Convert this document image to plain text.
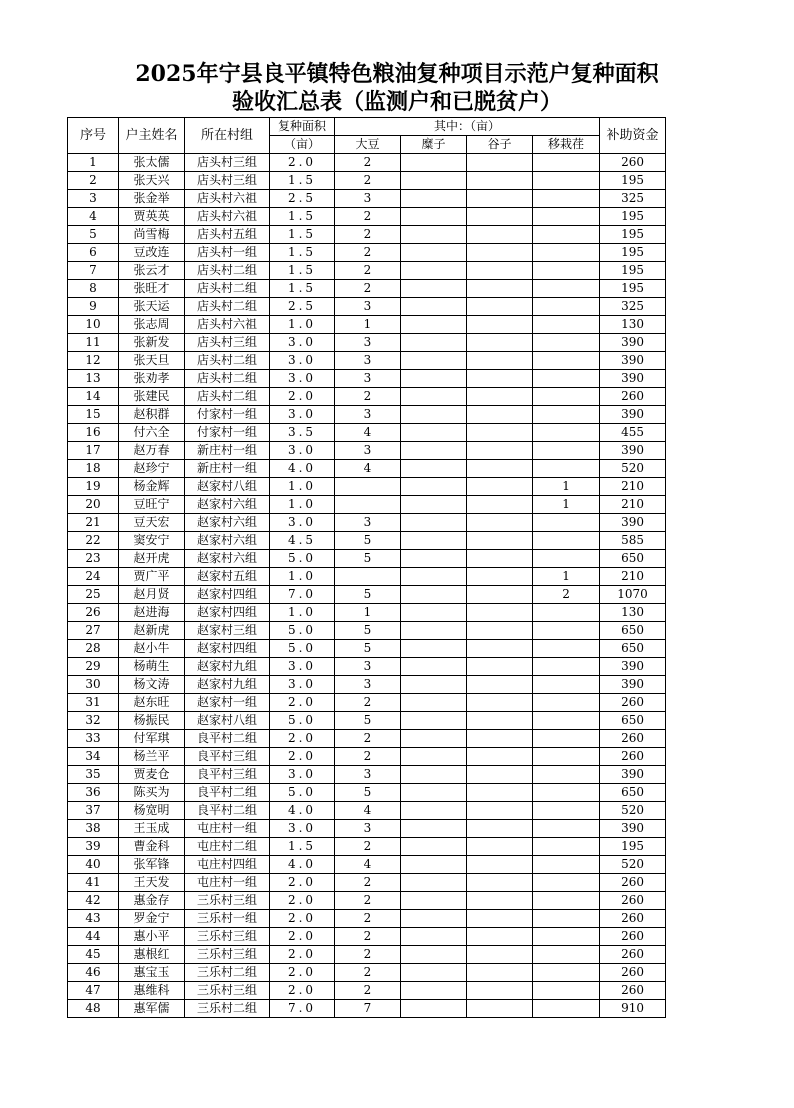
2025年宁县良平镇特色粮油复种项目示范户复种面积
验收汇总表（监测户和已脱贫户）
序号	户主姓名	所在村组	复种面积	其中：（亩）				补助资金
			（亩）	大豆	糜子	谷子	移栽荏	
1	张太儒	店头村三组	2.0	2				260
2	张天兴	店头村三组	1.5	2				195
3	张金举	店头村六祖	2.5	3				325
4	贾英英	店头村六祖	1.5	2				195
5	尚雪梅	店头村五组	1.5	2				195
6	豆改连	店头村一组	1.5	2				195
7	张云才	店头村二组	1.5	2				195
8	张旺才	店头村二组	1.5	2				195
9	张天运	店头村二组	2.5	3				325
10	张志周	店头村六祖	1.0	1				130
11	张新发	店头村三组	3.0	3				390
12	张天旦	店头村二组	3.0	3				390
13	张劝孝	店头村二组	3.0	3				390
14	张建民	店头村二组	2.0	2				260
15	赵积群	付家村一组	3.0	3				390
16	付六全	付家村一组	3.5	4				455
17	赵万春	新庄村一组	3.0	3				390
18	赵珍宁	新庄村一组	4.0	4				520
19	杨金辉	赵家村八组	1.0				1	210
20	豆旺宁	赵家村六组	1.0				1	210
21	豆天宏	赵家村六组	3.0	3				390
22	窦安宁	赵家村六组	4.5	5				585
23	赵开虎	赵家村六组	5.0	5				650
24	贾广平	赵家村五组	1.0				1	210
25	赵月贤	赵家村四组	7.0	5			2	1070
26	赵进海	赵家村四组	1.0	1				130
27	赵新虎	赵家村三组	5.0	5				650
28	赵小牛	赵家村四组	5.0	5				650
29	杨萌生	赵家村九组	3.0	3				390
30	杨文涛	赵家村九组	3.0	3				390
31	赵东旺	赵家村一组	2.0	2				260
32	杨振民	赵家村八组	5.0	5				650
33	付军琪	良平村二组	2.0	2				260
34	杨兰平	良平村三组	2.0	2				260
35	贾麦仓	良平村三组	3.0	3				390
36	陈买为	良平村二组	5.0	5				650
37	杨宽明	良平村二组	4.0	4				520
38	王玉成	屯庄村一组	3.0	3				390
39	曹金科	屯庄村二组	1.5	2				195
40	张军锋	屯庄村四组	4.0	4				520
41	王天发	屯庄村一组	2.0	2				260
42	惠金存	三乐村三组	2.0	2				260
43	罗金宁	三乐村一组	2.0	2				260
44	惠小平	三乐村三组	2.0	2				260
45	惠根红	三乐村三组	2.0	2				260
46	惠宝玉	三乐村二组	2.0	2				260
47	惠维科	三乐村三组	2.0	2				260
48	惠军儒	三乐村二组	7.0	7				910
